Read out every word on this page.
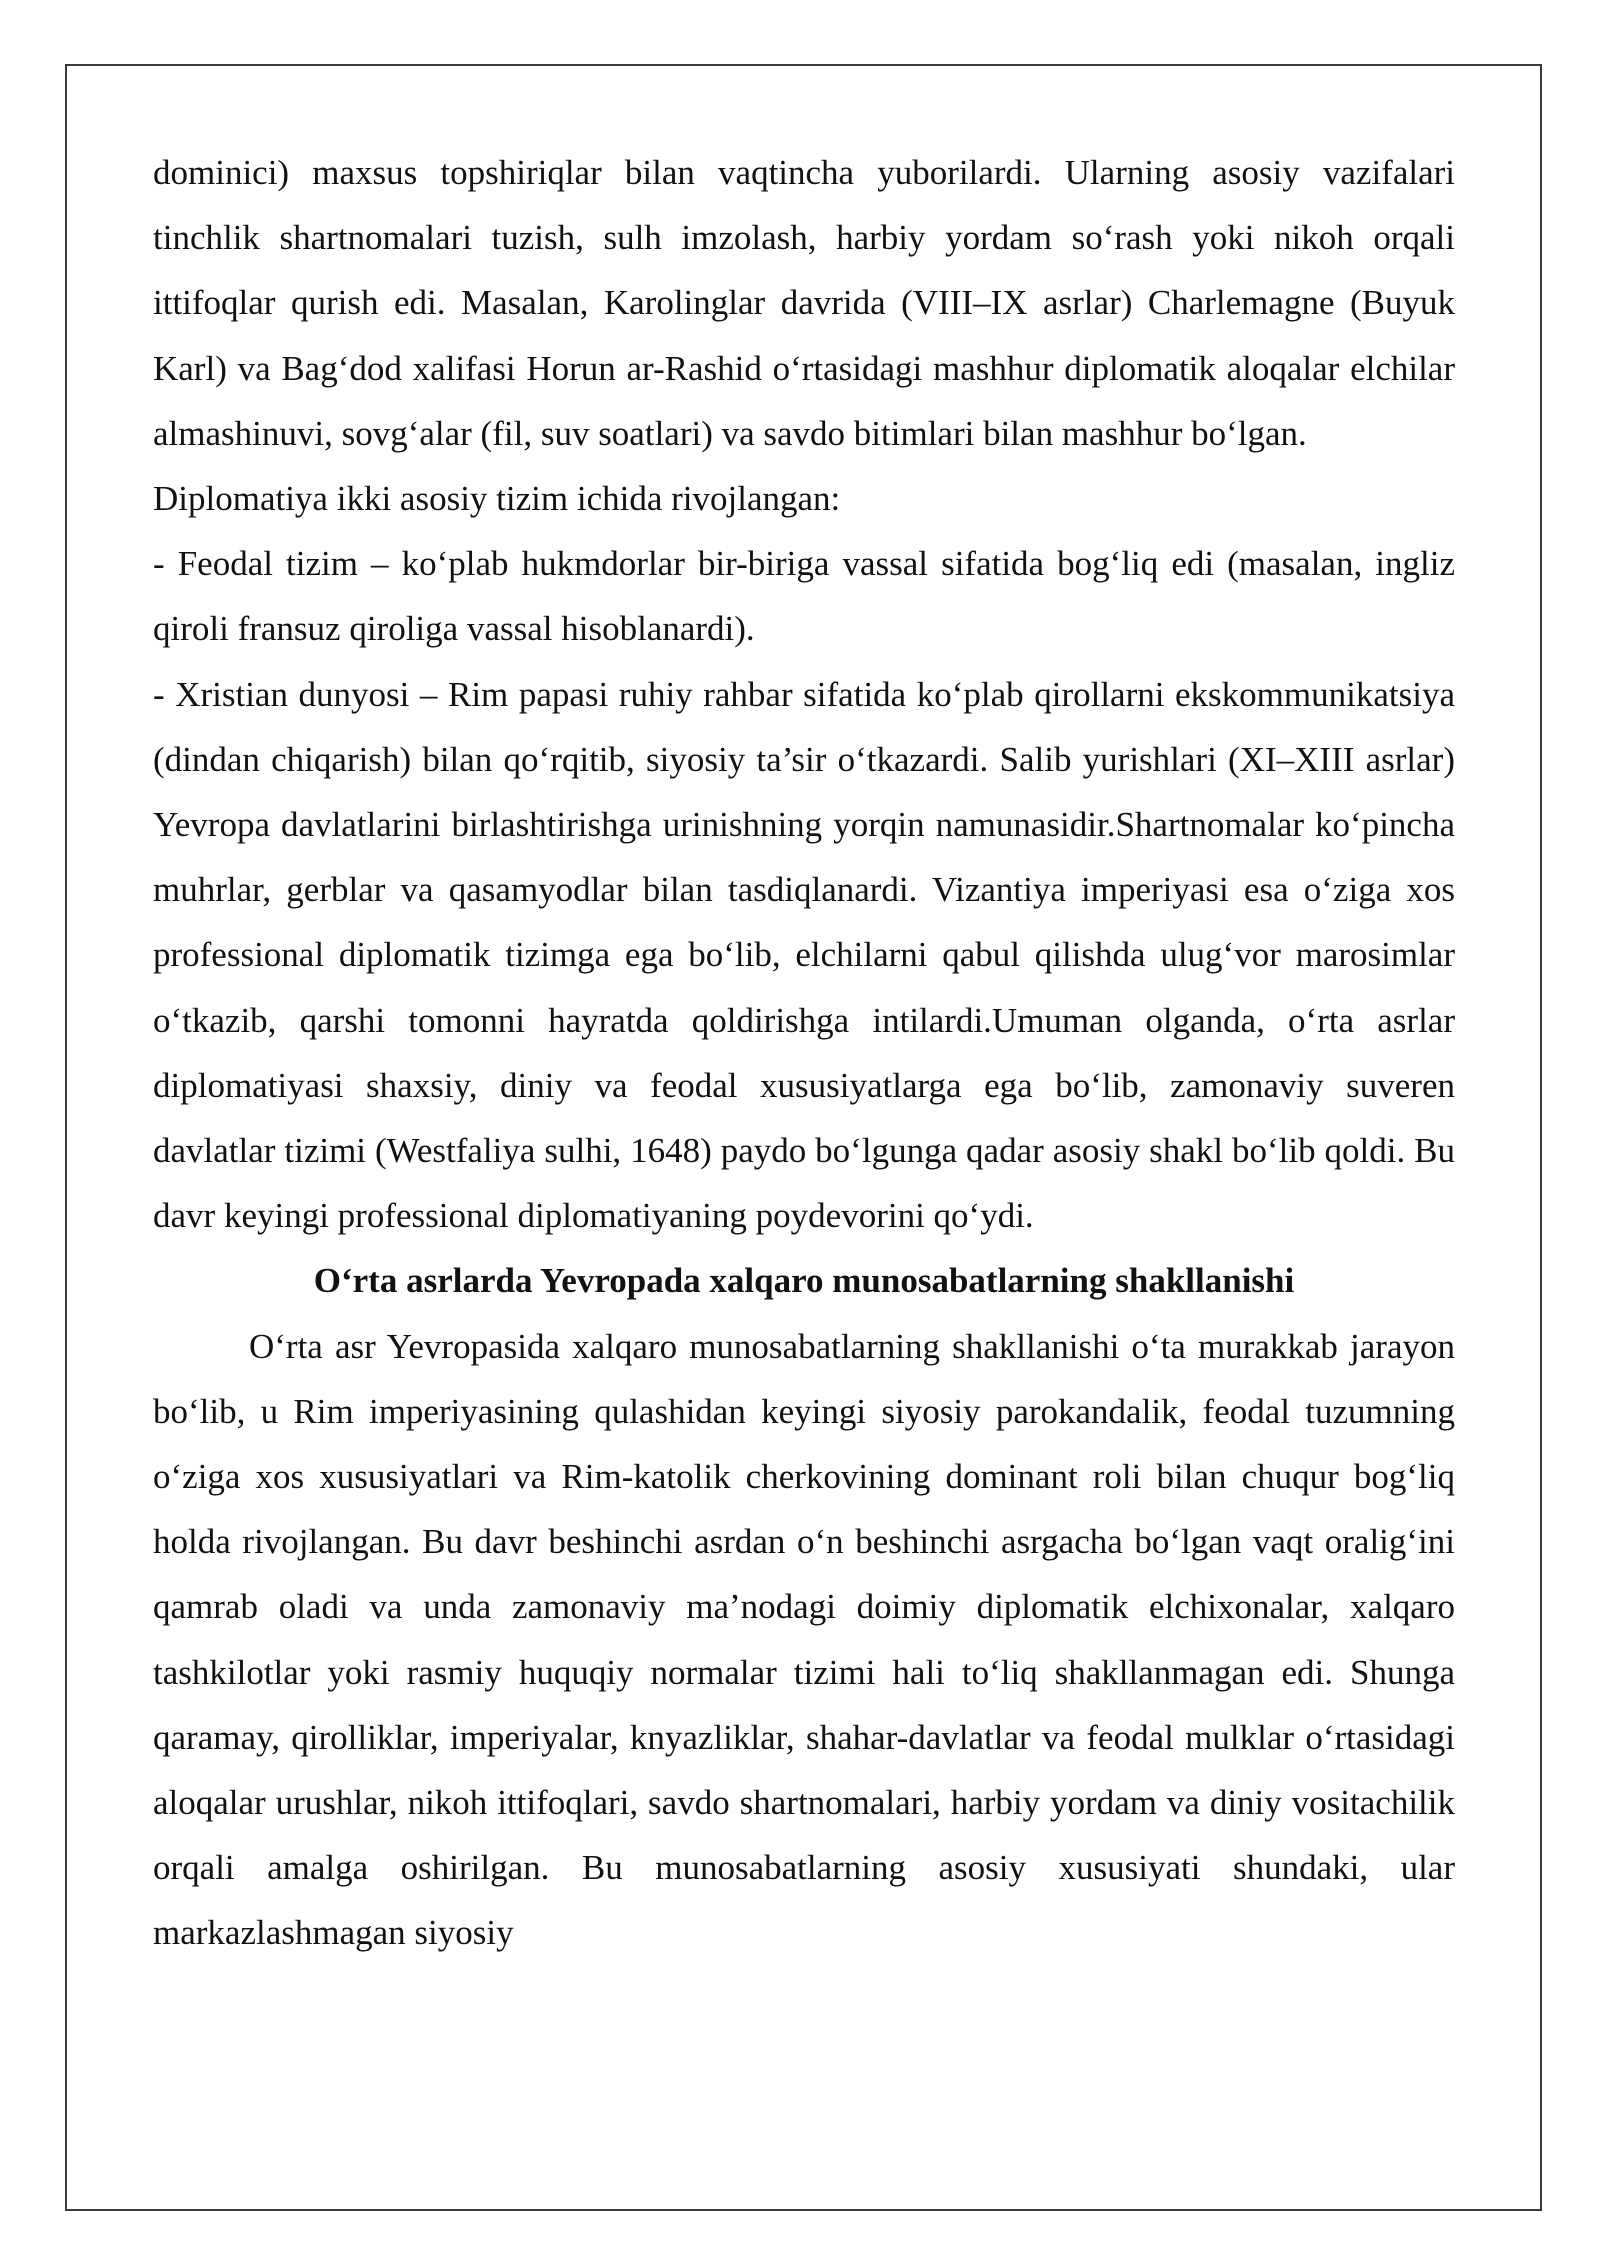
dominici) maxsus topshiriqlar bilan vaqtincha yuborilardi. Ularning asosiy vazifalari tinchlik shartnomalari tuzish, sulh imzolash, harbiy yordam so‘rash yoki nikoh orqali ittifoqlar qurish edi. Masalan, Karolinglar davrida (VIII–IX asrlar) Charlemagne (Buyuk Karl) va Bag‘dod xalifasi Horun ar-Rashid o‘rtasidagi mashhur diplomatik aloqalar elchilar almashinuvi, sovg‘alar (fil, suv soatlari) va savdo bitimlari bilan mashhur bo‘lgan.

Diplomatiya ikki asosiy tizim ichida rivojlangan:

- Feodal tizim – ko‘plab hukmdorlar bir-biriga vassal sifatida bog‘liq edi (masalan, ingliz qiroli fransuz qiroliga vassal hisoblanardi).

- Xristian dunyosi – Rim papasi ruhiy rahbar sifatida ko‘plab qirollarni ekskommunikatsiya (dindan chiqarish) bilan qo‘rqitib, siyosiy ta’sir o‘tkazardi. Salib yurishlari (XI–XIII asrlar) Yevropa davlatlarini birlashtirishga urinishning yorqin namunasidir.Shartnomalar ko‘pincha muhrlar, gerblar va qasamyodlar bilan tasdiqlanardi. Vizantiya imperiyasi esa o‘ziga xos professional diplomatik tizimga ega bo‘lib, elchilarni qabul qilishda ulug‘vor marosimlar o‘tkazib, qarshi tomonni hayratda qoldirishga intilardi.Umuman olganda, o‘rta asrlar diplomatiyasi shaxsiy, diniy va feodal xususiyatlarga ega bo‘lib, zamonaviy suveren davlatlar tizimi (Westfaliya sulhi, 1648) paydo bo‘lgunga qadar asosiy shakl bo‘lib qoldi. Bu davr keyingi professional diplomatiyaning poydevorini qo‘ydi.

O‘rta asrlarda Yevropada xalqaro munosabatlarning shakllanishi

O‘rta asr Yevropasida xalqaro munosabatlarning shakllanishi o‘ta murakkab jarayon bo‘lib, u Rim imperiyasining qulashidan keyingi siyosiy parokandalik, feodal tuzumning o‘ziga xos xususiyatlari va Rim-katolik cherkovining dominant roli bilan chuqur bog‘liq holda rivojlangan. Bu davr beshinchi asrdan o‘n beshinchi asrgacha bo‘lgan vaqt oralig‘ini qamrab oladi va unda zamonaviy ma’nodagi doimiy diplomatik elchixonalar, xalqaro tashkilotlar yoki rasmiy huquqiy normalar tizimi hali to‘liq shakllanmagan edi. Shunga qaramay, qirolliklar, imperiyalar, knyazliklar, shahar-davlatlar va feodal mulklar o‘rtasidagi aloqalar urushlar, nikoh ittifoqlari, savdo shartnomalari, harbiy yordam va diniy vositachilik orqali amalga oshirilgan. Bu munosabatlarning asosiy xususiyati shundaki, ular markazlashmagan siyosiy
